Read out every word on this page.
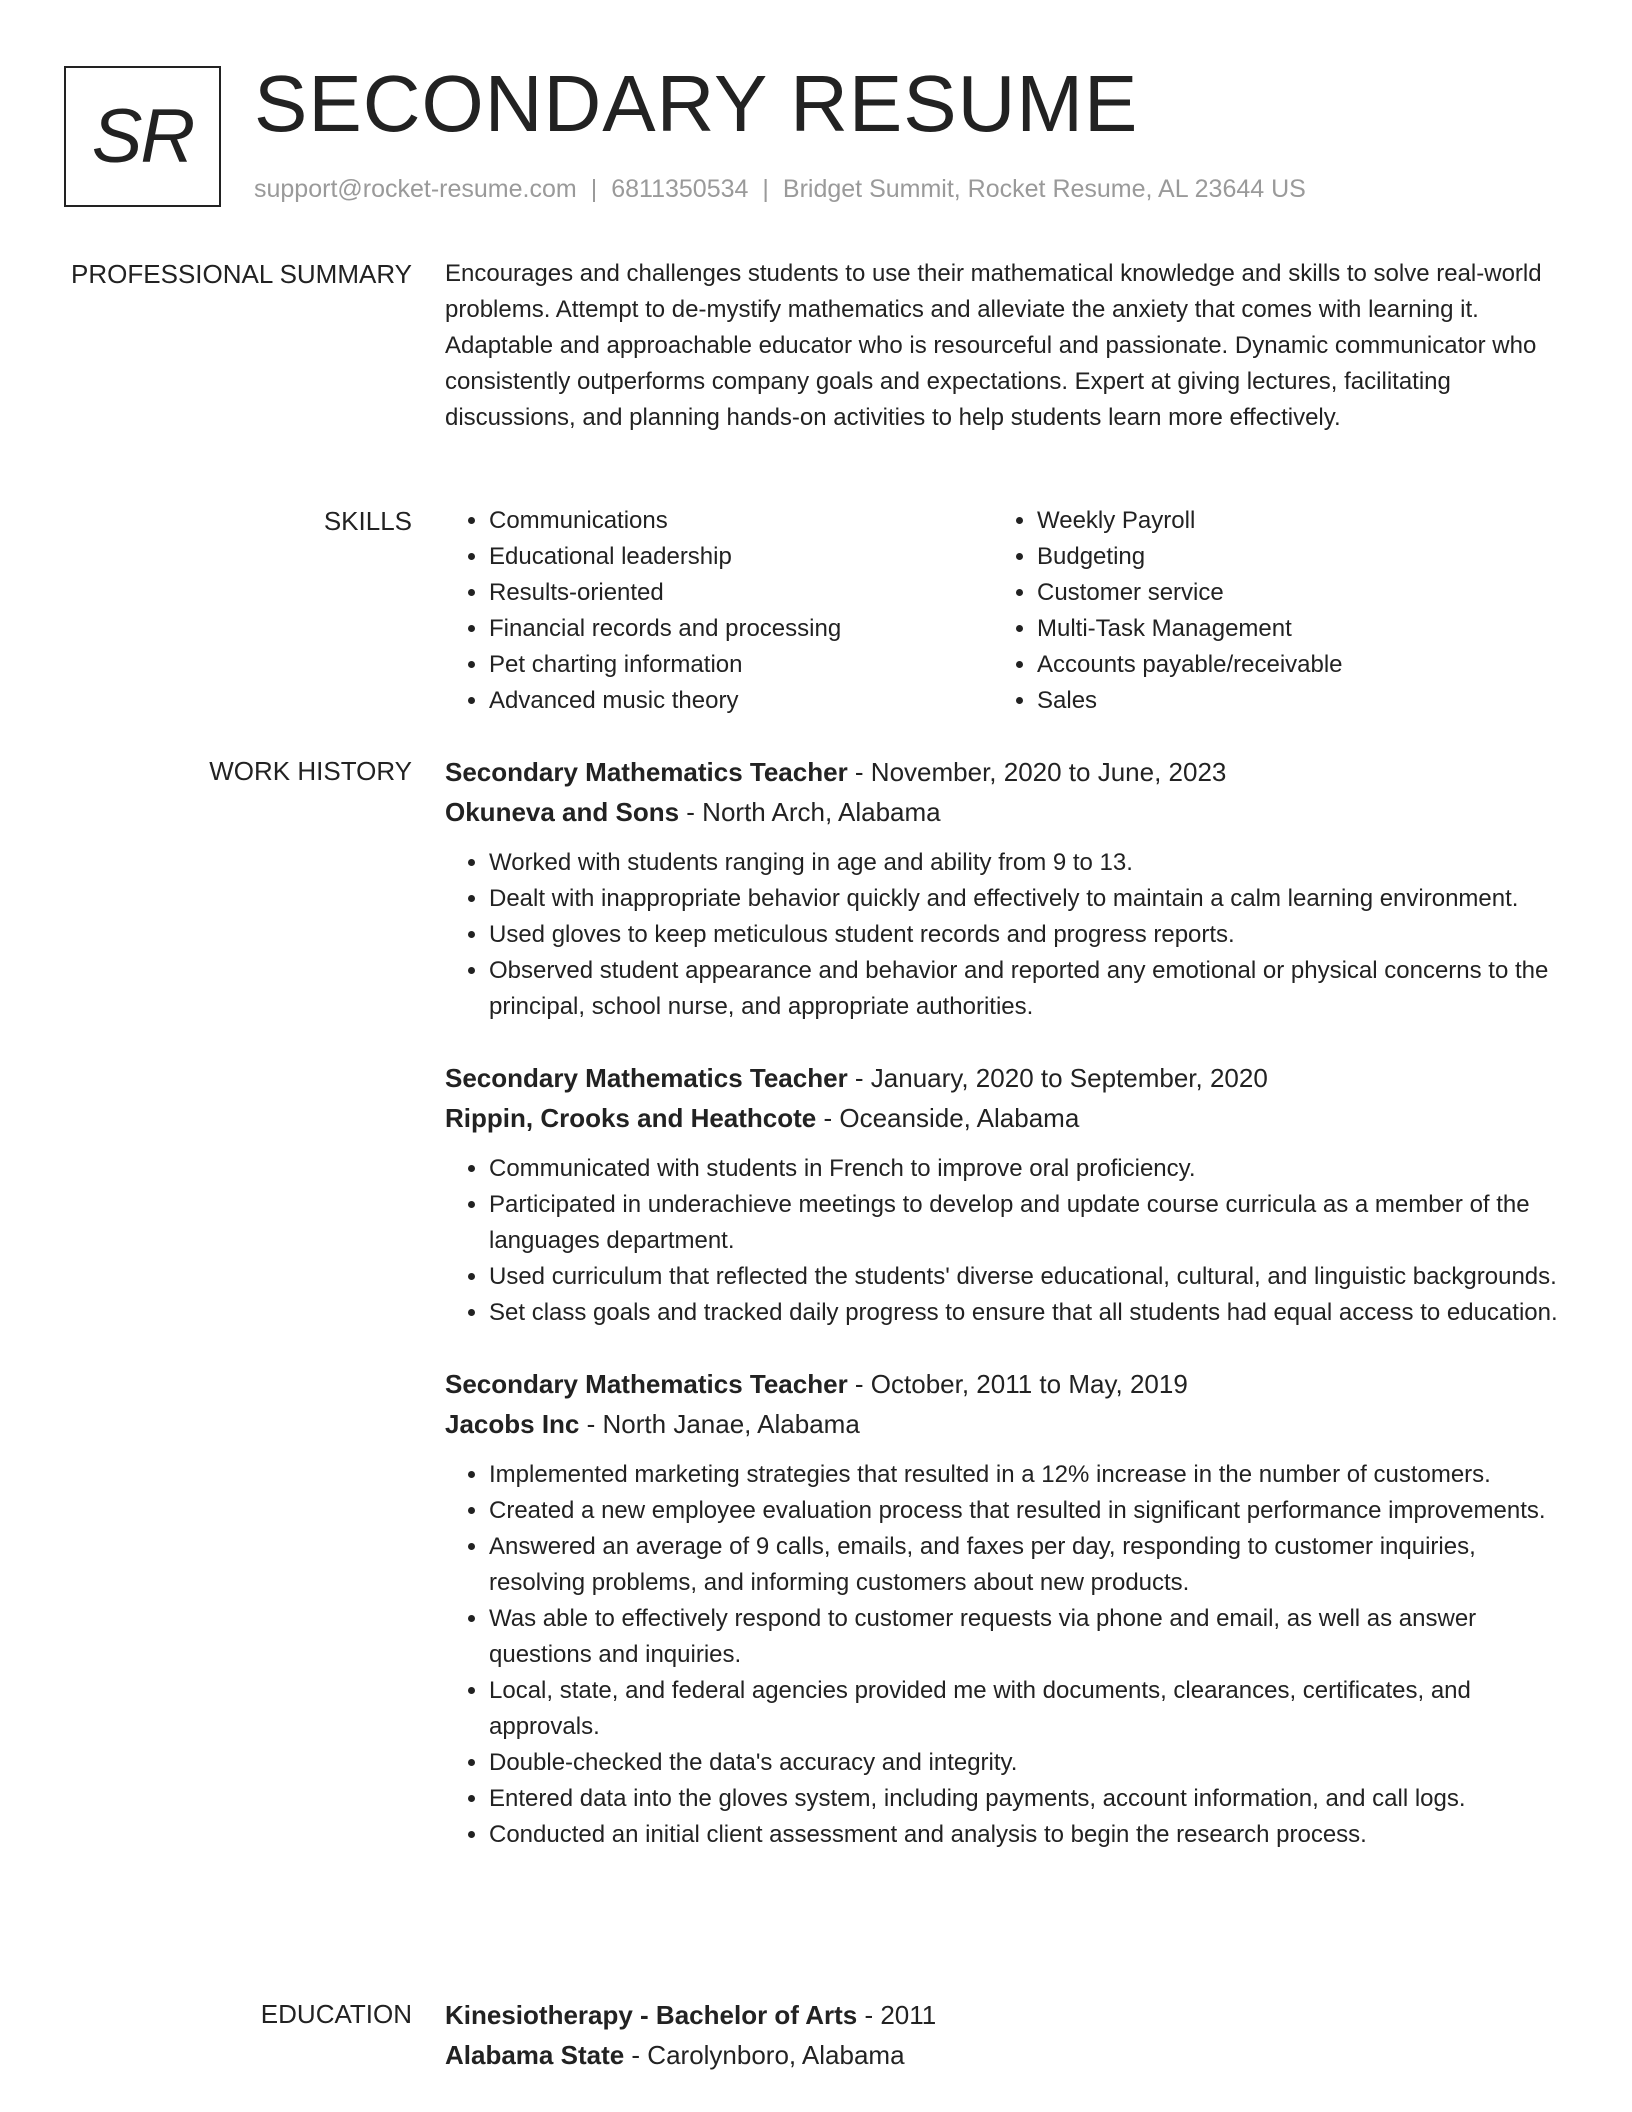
SR SECONDARY RESUME
support@rocket-resume.com | 6811350534 | Bridget Summit, Rocket Resume, AL 23644 US
PROFESSIONAL SUMMARY Encourages and challenges students to use their mathematical knowledge and skills to solve real-world problems. Attempt to de-mystify mathematics and alleviate the anxiety that comes with learning it. Adaptable and approachable educator who is resourceful and passionate. Dynamic communicator who consistently outperforms company goals and expectations. Expert at giving lectures, facilitating discussions, and planning hands-on activities to help students learn more effectively.

SKILLS
•	Communications
• Educational leadership
• Results-oriented
• Financial records and processing
• Pet charting information
• Advanced music theory
• Weekly Payroll
• Budgeting
• Customer service
• Multi-Task Management
• Accounts payable/receivable
• Sales
WORK HISTORY Secondary Mathematics Teacher - November, 2020 to June, 2023
Okuneva and Sons - North Arch, Alabama
• Worked with students ranging in age and ability from 9 to 13.
• Dealt with inappropriate behavior quickly and effectively to maintain a calm learning environment.
• Used gloves to keep meticulous student records and progress reports.
• Observed student appearance and behavior and reported any emotional or physical concerns to the principal, school nurse, and appropriate authorities.
Secondary Mathematics Teacher - January, 2020 to September, 2020
Rippin, Crooks and Heathcote - Oceanside, Alabama
• Communicated with students in French to improve oral proficiency.
• Participated in underachieve meetings to develop and update course curricula as a member of the languages department.
• Used curriculum that reflected the students' diverse educational, cultural, and linguistic backgrounds.
• Set class goals and tracked daily progress to ensure that all students had equal access to education.
Secondary Mathematics Teacher - October, 2011 to May, 2019
Jacobs Inc - North Janae, Alabama
• Implemented marketing strategies that resulted in a 12% increase in the number of customers.
• Created a new employee evaluation process that resulted in significant performance improvements.
• Answered an average of 9 calls, emails, and faxes per day, responding to customer inquiries, resolving problems, and informing customers about new products.
• Was able to effectively respond to customer requests via phone and email, as well as answer questions and inquiries.
• Local, state, and federal agencies provided me with documents, clearances, certificates, and approvals.
• Double-checked the data's accuracy and integrity.
• Entered data into the gloves system, including payments, account information, and call logs.
• Conducted an initial client assessment and analysis to begin the research process.
EDUCATION Kinesiotherapy - Bachelor of Arts - 2011
Alabama State - Carolynboro, Alabama
